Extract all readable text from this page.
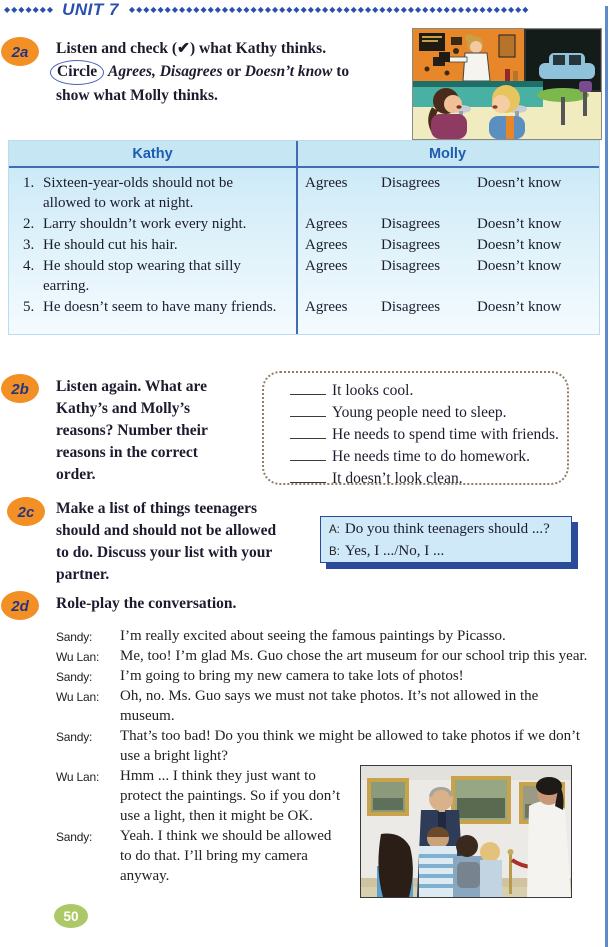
◆◆◆◆◆◆◆ UNIT 7 ◆◆◆◆◆◆◆◆◆◆◆◆◆◆◆◆◆◆◆◆◆◆◆◆◆◆◆◆◆◆◆◆◆◆◆◆◆◆◆◆◆◆◆◆◆◆◆◆◆◆◆◆◆◆◆◆
2a	Listen and check (✔) what Kathy thinks.
Circle Agrees, Disagrees or Doesn’t know to
show what Molly thinks.
Kathy	Molly
1. Sixteen-year-olds should not be allowed to work at night.
Agrees	Disagrees	Doesn’t know
2. Larry shouldn’t work every night.	Agrees	Disagrees	Doesn’t know
3. He should cut his hair.	Agrees	Disagrees	Doesn’t know
4. He should stop wearing that silly earring.
Agrees	Disagrees	Doesn’t know
5. He doesn’t seem to have many friends.	Agrees	Disagrees	Doesn’t know
2b	Listen again. What are
Kathy’s and Molly’s
reasons? Number their
reasons in the correct
order.
It looks cool.
Young people need to sleep.
He needs to spend time with friends.
He needs time to do homework.
It doesn’t look clean.
2c	Make a list of things teenagers
should and should not be allowed
to do. Discuss your list with your
partner.
A: Do you think teenagers should ...?
B: Yes, I .../No, I ...
2d	Role-play the conversation.
Sandy:	I’m really excited about seeing the famous paintings by Picasso.
Wu Lan:	Me, too! I’m glad Ms. Guo chose the art museum for our school trip this year.
Sandy:	I’m going to bring my new camera to take lots of photos!
Wu Lan:	Oh, no. Ms. Guo says we must not take photos. It’s not allowed in the museum.
Sandy:	That’s too bad! Do you think we might be allowed to take photos if we don’t use a bright light?
Wu Lan:	Hmm ... I think they just want to protect the paintings. So if you don’t use a light, then it might be OK.
Sandy:	Yeah. I think we should be allowed to do that. I’ll bring my camera anyway.
50
